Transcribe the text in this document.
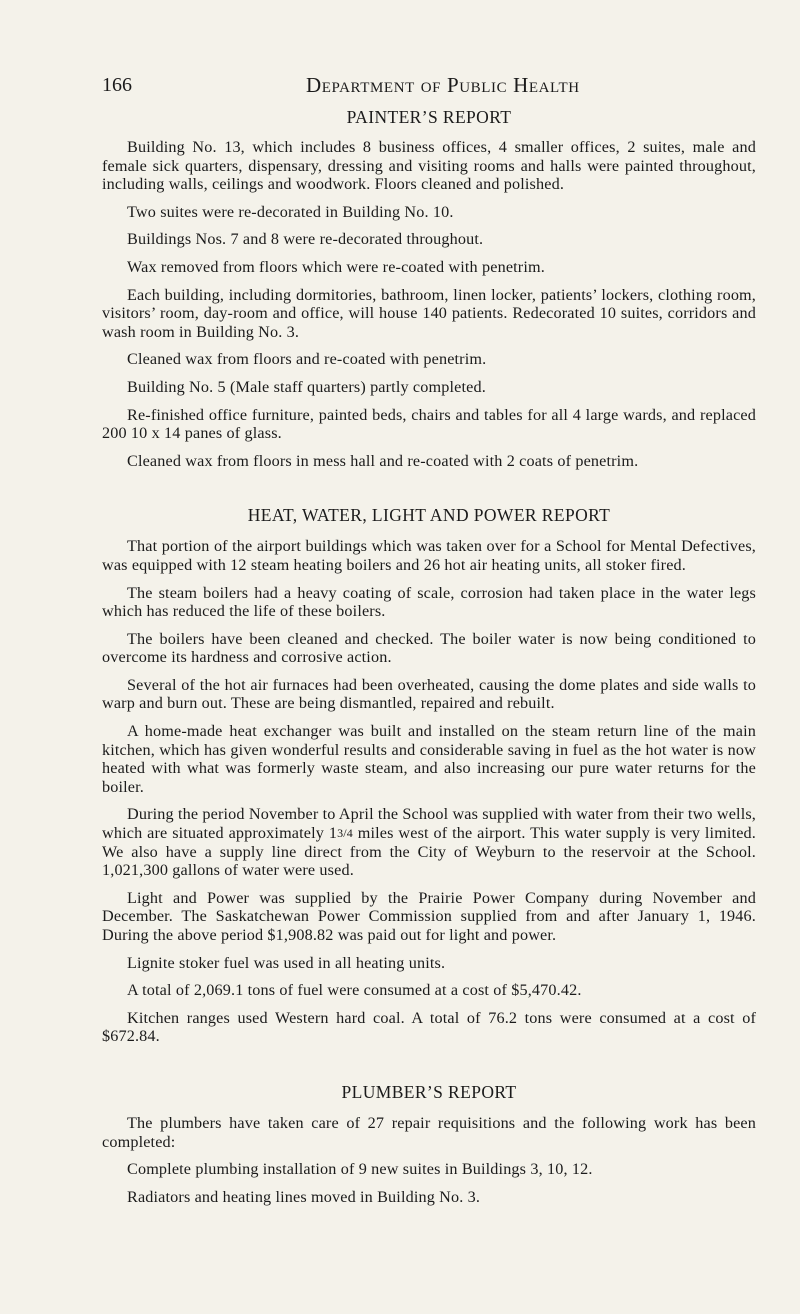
166	Department of Public Health
PAINTER’S REPORT

Building No. 13, which includes 8 business offices, 4 smaller offices, 2 suites, male and female sick quarters, dispensary, dressing and visiting rooms and halls were painted throughout, including walls, ceilings and woodwork. Floors cleaned and polished.

Two suites were re-decorated in Building No. 10.

Buildings Nos. 7 and 8 were re-decorated throughout.

Wax removed from floors which were re-coated with penetrim.

Each building, including dormitories, bathroom, linen locker, patients’ lockers, clothing room, visitors’ room, day-room and office, will house 140 patients. Redecorated 10 suites, corridors and wash room in Building No. 3.

Cleaned wax from floors and re-coated with penetrim.

Building No. 5 (Male staff quarters) partly completed.

Re-finished office furniture, painted beds, chairs and tables for all 4 large wards, and replaced 200 10 x 14 panes of glass.

Cleaned wax from floors in mess hall and re-coated with 2 coats of penetrim.

HEAT, WATER, LIGHT AND POWER REPORT

That portion of the airport buildings which was taken over for a School for Mental Defectives, was equipped with 12 steam heating boilers and 26 hot air heating units, all stoker fired.

The steam boilers had a heavy coating of scale, corrosion had taken place in the water legs which has reduced the life of these boilers.

The boilers have been cleaned and checked. The boiler water is now being conditioned to overcome its hardness and corrosive action.

Several of the hot air furnaces had been overheated, causing the dome plates and side walls to warp and burn out. These are being dismantled, repaired and rebuilt.

A home-made heat exchanger was built and installed on the steam return line of the main kitchen, which has given wonderful results and considerable saving in fuel as the hot water is now heated with what was formerly waste steam, and also increasing our pure water returns for the boiler.

During the period November to April the School was supplied with water from their two wells, which are situated approximately 13/4 miles west of the airport. This water supply is very limited. We also have a supply line direct from the City of Weyburn to the reservoir at the School. 1,021,300 gallons of water were used.

Light and Power was supplied by the Prairie Power Company during November and December. The Saskatchewan Power Commission supplied from and after January 1, 1946. During the above period $1,908.82 was paid out for light and power.

Lignite stoker fuel was used in all heating units.

A total of 2,069.1 tons of fuel were consumed at a cost of $5,470.42.

Kitchen ranges used Western hard coal. A total of 76.2 tons were consumed at a cost of $672.84.

PLUMBER’S REPORT

The plumbers have taken care of 27 repair requisitions and the following work has been completed:

Complete plumbing installation of 9 new suites in Buildings 3, 10, 12.

Radiators and heating lines moved in Building No. 3.
